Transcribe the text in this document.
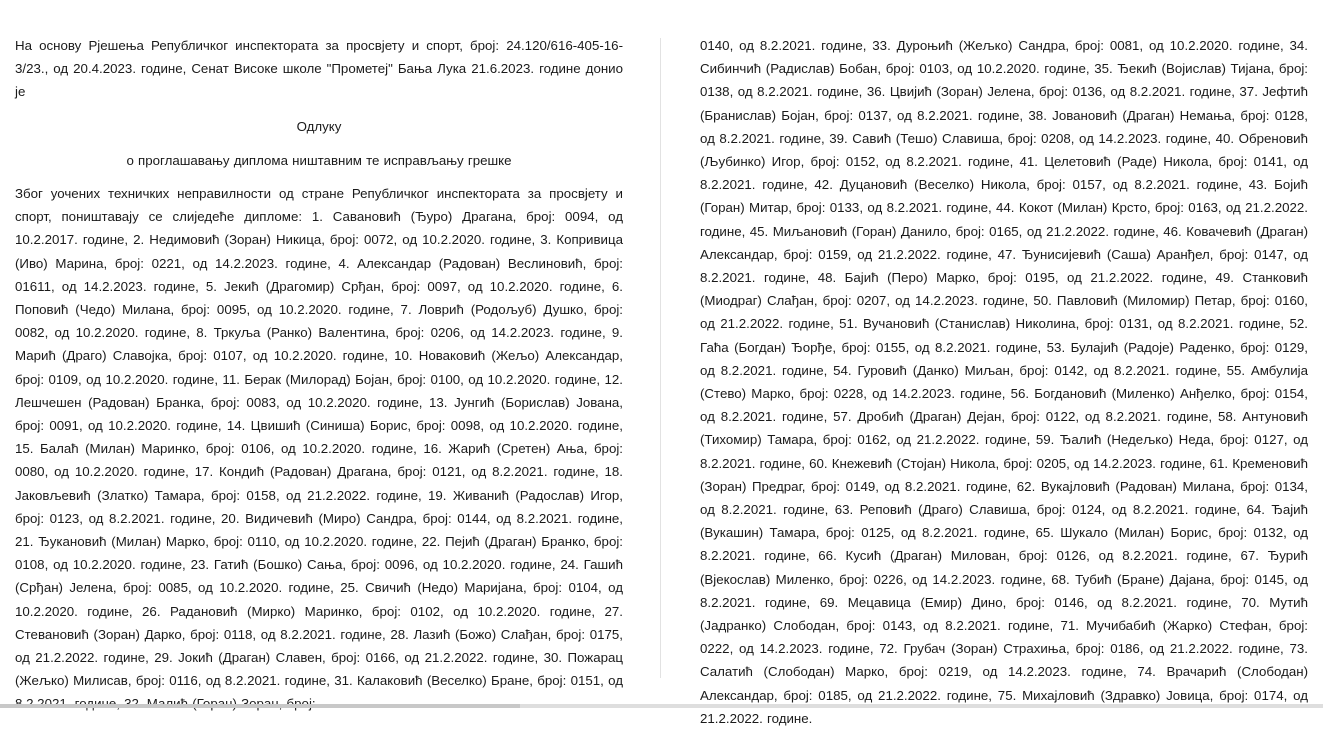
На основу Рјешења Републичког инспектората за просвјету и спорт, број: 24.120/616-405-16-3/23., од 20.4.2023. године, Сенат Високе школе "Прометеј" Бања Лука 21.6.2023. године донио је

Одлуку

о проглашавању диплома ништавним те исправљању грешке

Због уочених техничких неправилности од стране Републичког инспектората за просвјету и спорт, поништавају се слиједеће дипломе: 1. Савановић (Ђуро) Драгана, број: 0094, од 10.2.2017. године, 2. Недимовић (Зоран) Никица, број: 0072, од 10.2.2020. године, 3. Копривица (Иво) Марина, број: 0221, од 14.2.2023. године, 4. Александар (Радован) Веслиновић, број: 01611, од 14.2.2023. године, 5. Јекић (Драгомир) Срђан, број: 0097, од 10.2.2020. године, 6. Поповић (Чедо) Милана, број: 0095, од 10.2.2020. године, 7. Ловрић (Родољуб) Душко, број: 0082, од 10.2.2020. године, 8. Тркуља (Ранко) Валентина, број: 0206, од 14.2.2023. године, 9. Марић (Драго) Славојка, број: 0107, од 10.2.2020. године, 10. Нoваковић (Жељо) Александар, број: 0109, од 10.2.2020. године, 11. Берак (Милорад) Бојан, број: 0100, од 10.2.2020. године, 12. Лешчешен (Радован) Бранка, број: 0083, од 10.2.2020. године, 13. Јунгић (Борислав) Јована, број: 0091, од 10.2.2020. године, 14. Цвишић (Синиша) Борис, број: 0098, од 10.2.2020. године, 15. Балаћ (Милан) Маринко, број: 0106, од 10.2.2020. године, 16. Жарић (Сретен) Ања, број: 0080, од 10.2.2020. године, 17. Кондић (Радован) Драгана, број: 0121, од 8.2.2021. године, 18. Јаковљевић (Златко) Тамара, број: 0158, од 21.2.2022. године, 19. Живанић (Радослав) Игор, број: 0123, од 8.2.2021. године, 20. Видичевић (Миро) Сандра, број: 0144, од 8.2.2021. године, 21. Ђукановић (Милан) Марко, број: 0110, од 10.2.2020. године, 22. Пејић (Драган) Бранко, број: 0108, од 10.2.2020. године, 23. Гатић (Бошко) Сања, број: 0096, од 10.2.2020. године, 24. Гашић (Срђан) Јелена, број: 0085, од 10.2.2020. године, 25. Свичић (Недо) Маријана, број: 0104, од 10.2.2020. године, 26. Радановић (Мирко) Маринко, број: 0102, од 10.2.2020. године, 27. Стевановић (Зоран) Дарко, број: 0118, од 8.2.2021. године, 28. Лазић (Божо) Слађан, број: 0175, од 21.2.2022. године, 29. Јокић (Драган) Славен, број: 0166, од 21.2.2022. године, 30. Пожарац (Жељко) Милисав, број: 0116, од 8.2.2021. године, 31. Калаковић (Веселко) Бране, број: 0151, од

0140, од 8.2.2021. године, 33. Дуроњић (Жељко) Сандра, број: 0081, од 10.2.2020. године, 34. Сибинчић (Радислав) Бобан, број: 0103, од 10.2.2020. године, 35. Ђекић (Војислав) Тијана, број: 0138, од 8.2.2021. године, 36. Цвијић (Зоран) Јелена, број: 0136, од 8.2.2021. године, 37. Јефтић (Бранислав) Бојан, број: 0137, од 8.2.2021. године, 38. Јовановић (Драган) Немања, број: 0128, од 8.2.2021. године, 39. Савић (Тешо) Славиша, број: 0208, од 14.2.2023. године, 40. Обреновић (Љубинко) Игор, број: 0152, од 8.2.2021. године, 41. Целетовић (Раде) Никола, број: 0141, од 8.2.2021. године, 42. Дуцановић (Веселко) Никола, број: 0157, од 8.2.2021. године, 43. Бојић (Горан) Митар, број: 0133, од 8.2.2021. године, 44. Кокот (Милан) Крсто, број: 0163, од 21.2.2022. године, 45. Миљановић (Горан) Данило, број: 0165, од 21.2.2022. године, 46. Ковачевић (Драган) Александар, број: 0159, од 21.2.2022. године, 47. Ђунисијевић (Саша) Аранђел, број: 0147, од 8.2.2021. године, 48. Бајић (Перо) Марко, број: 0195, од 21.2.2022. године, 49. Станковић (Миодраг) Слађан, број: 0207, од 14.2.2023. године, 50. Павловић (Миломир) Петар, број: 0160, од 21.2.2022. године, 51. Вучановић (Станислав) Николина, број: 0131, од 8.2.2021. године, 52. Гаћа (Богдан) Ђорђе, број: 0155, од 8.2.2021. године, 53. Булајић (Радоје) Раденко, број: 0129, од 8.2.2021. године, 54. Гуровић (Данко) Миљан, број: 0142, од 8.2.2021. године, 55. Амбулија (Стево) Марко, број: 0228, од 14.2.2023. године, 56. Богдановић (Миленко) Анђелко, број: 0154, од 8.2.2021. године, 57. Дробић (Драган) Дејан, број: 0122, од 8.2.2021. године, 58. Антуновић (Тихомир) Тамара, број: 0162, од 21.2.2022. године, 59. Ђалић (Недељко) Неда, број: 0127, од 8.2.2021. године, 60. Кнежевић (Стојан) Никола, број: 0205, од 14.2.2023. године, 61. Кременовић (Зоран) Предраг, број: 0149, од 8.2.2021. године, 62. Вукајловић (Радован) Милана, број: 0134, од 8.2.2021. године, 63. Реповић (Драго) Славиша, број: 0124, од 8.2.2021. године, 64. Ђајић (Вукашин) Тамара, број: 0125, од 8.2.2021. године, 65. Шукало (Милан) Борис, број: 0132, од 8.2.2021. године, 66. Кусић (Драган) Милован, број: 0126, од 8.2.2021. године, 67. Ђурић (Вјекослав) Миленко, број: 0226, од 14.2.2023. године, 68. Тубић (Бране) Дајана, број: 0145, од 8.2.2021. године, 69. Мецавица (Емир) Дино, број: 0146, од 8.2.2021. године, 70. Мутић (Јадранко) Слободан, број: 0143, од 8.2.2021. године, 71. Мучибабић (Жарко) Стефан, број: 0222, од 14.2.2023. године, 72. Грубач (Зоран) Страхиња, број: 0186, од 21.2.2022. године, 73. Салатић (Слободан) Марко, број: 0219, од 14.2.2023. године, 74. Врачарић (Слободан) Александар, број: 0185, од 21.2.2022. године, 75. Михајловић (Здравко) Јовица, број: 0174, од 21.2.2022. године.
